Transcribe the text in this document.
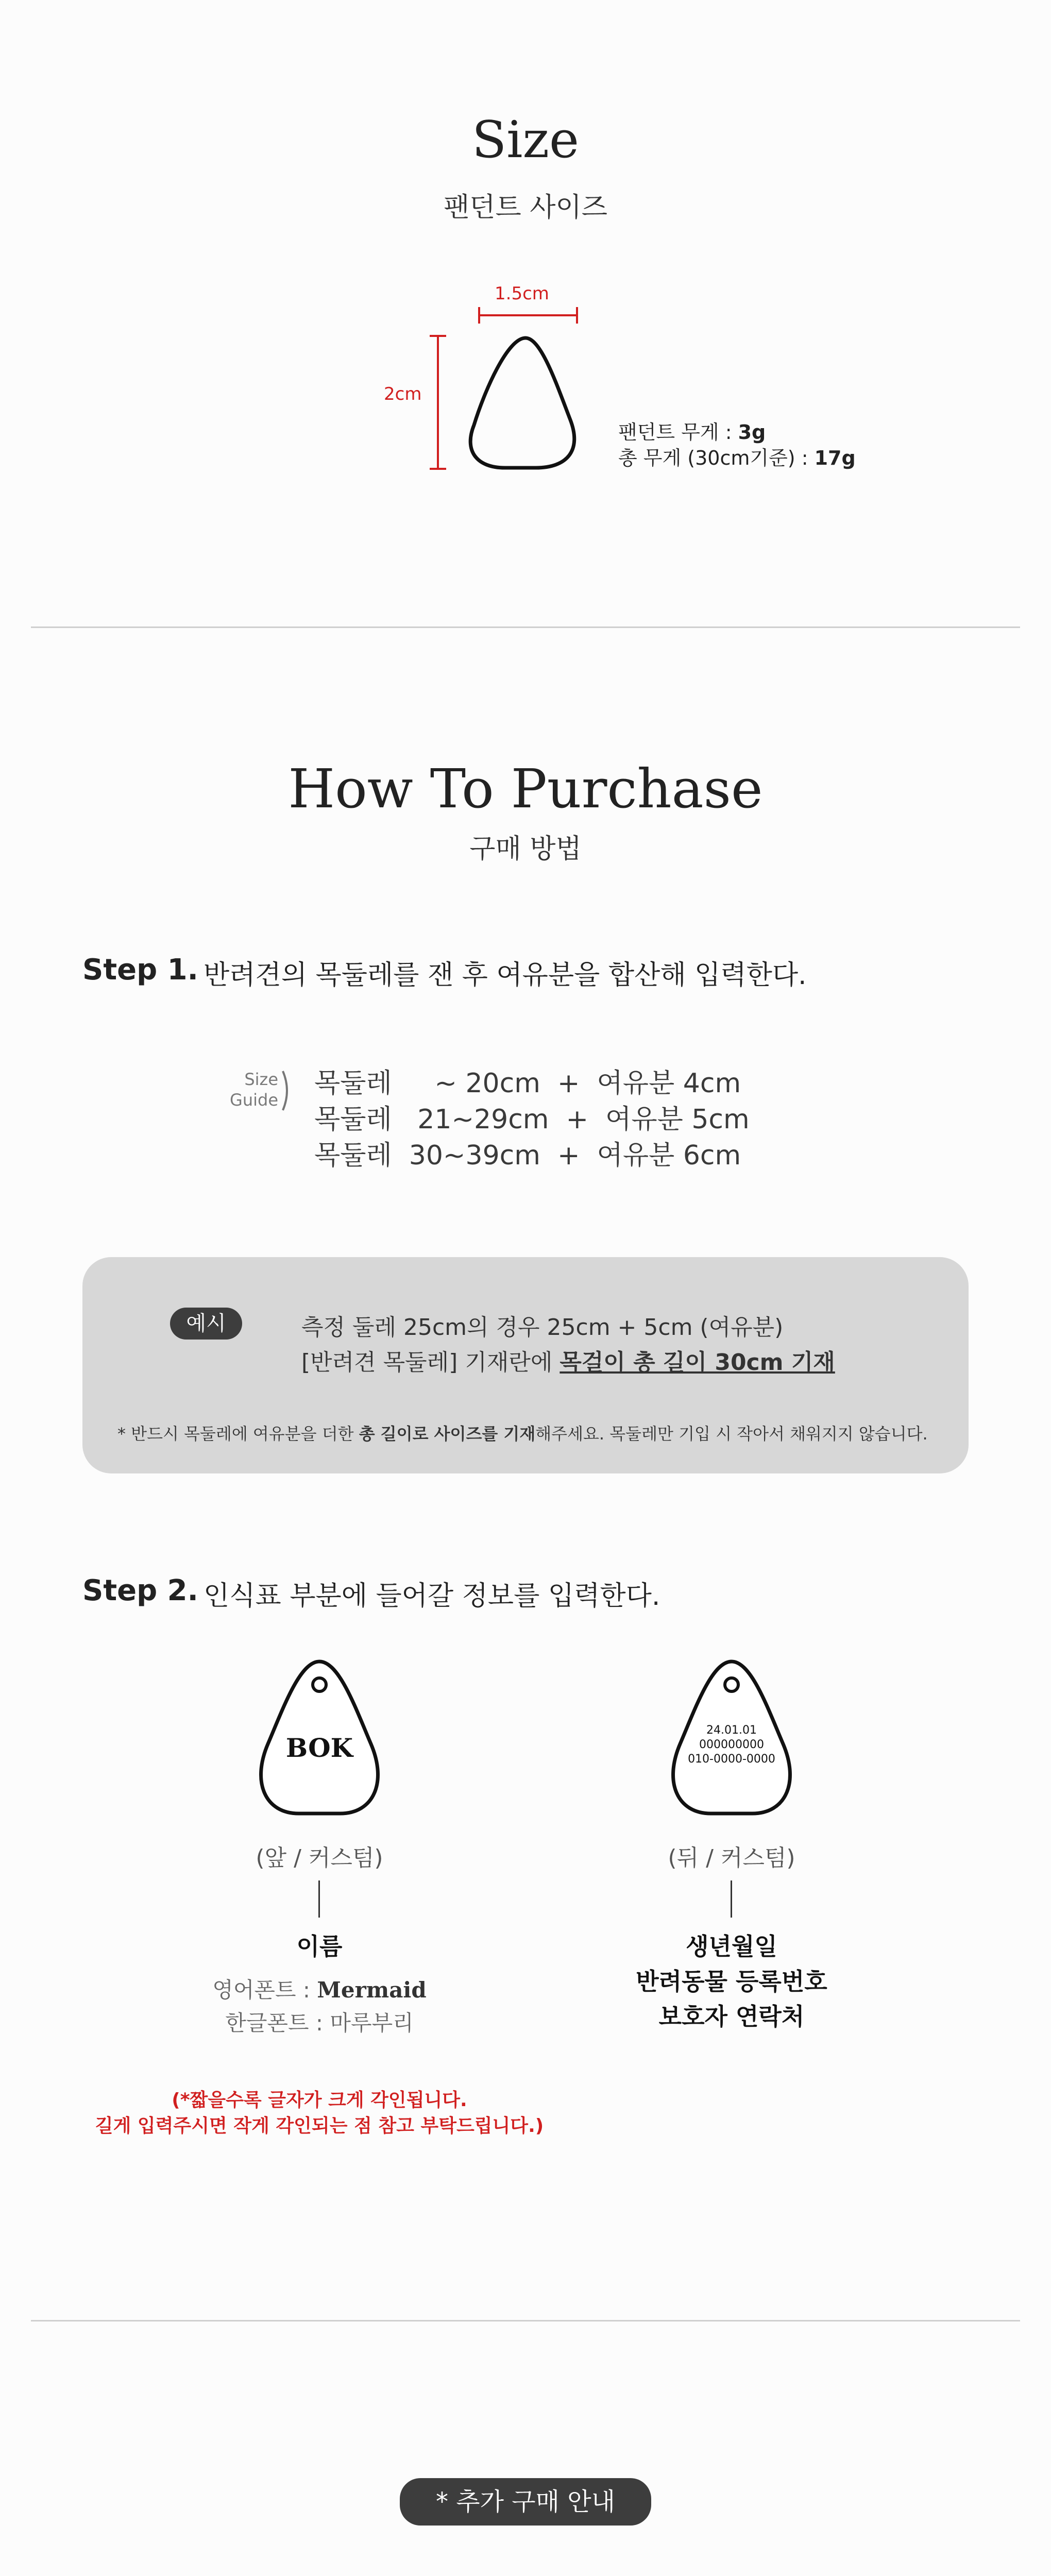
Size
팬던트 사이즈
1.5cm
2cm
팬던트 무게 : 3g
총 무게 (30cm기준) : 17g
How To Purchase
구매 방법
Step 1. 반려견의 목둘레를 잰 후 여유분을 합산해 입력한다.
Size
Guide
목둘레     ~ 20cm  +  여유분 4cm
목둘레   21~29cm  +  여유분 5cm
목둘레  30~39cm  +  여유분 6cm
예시	측정 둘레 25cm의 경우 25cm + 5cm (여유분)
[반려견 목둘레] 기재란에 목걸이 총 길이 30cm 기재
* 반드시 목둘레에 여유분을 더한 총 길이로 사이즈를 기재해주세요. 목둘레만 기입 시 작아서 채워지지 않습니다.
Step 2. 인식표 부분에 들어갈 정보를 입력한다.
BOK
24.01.01
000000000
010-0000-0000
(앞 / 커스텀)
이름
영어폰트 : Mermaid
한글폰트 : 마루부리
(뒤 / 커스텀)
생년월일
반려동물 등록번호
보호자 연락처
(*짧을수록 글자가 크게 각인됩니다.
길게 입력주시면 작게 각인되는 점 참고 부탁드립니다.)
* 추가 구매 안내
